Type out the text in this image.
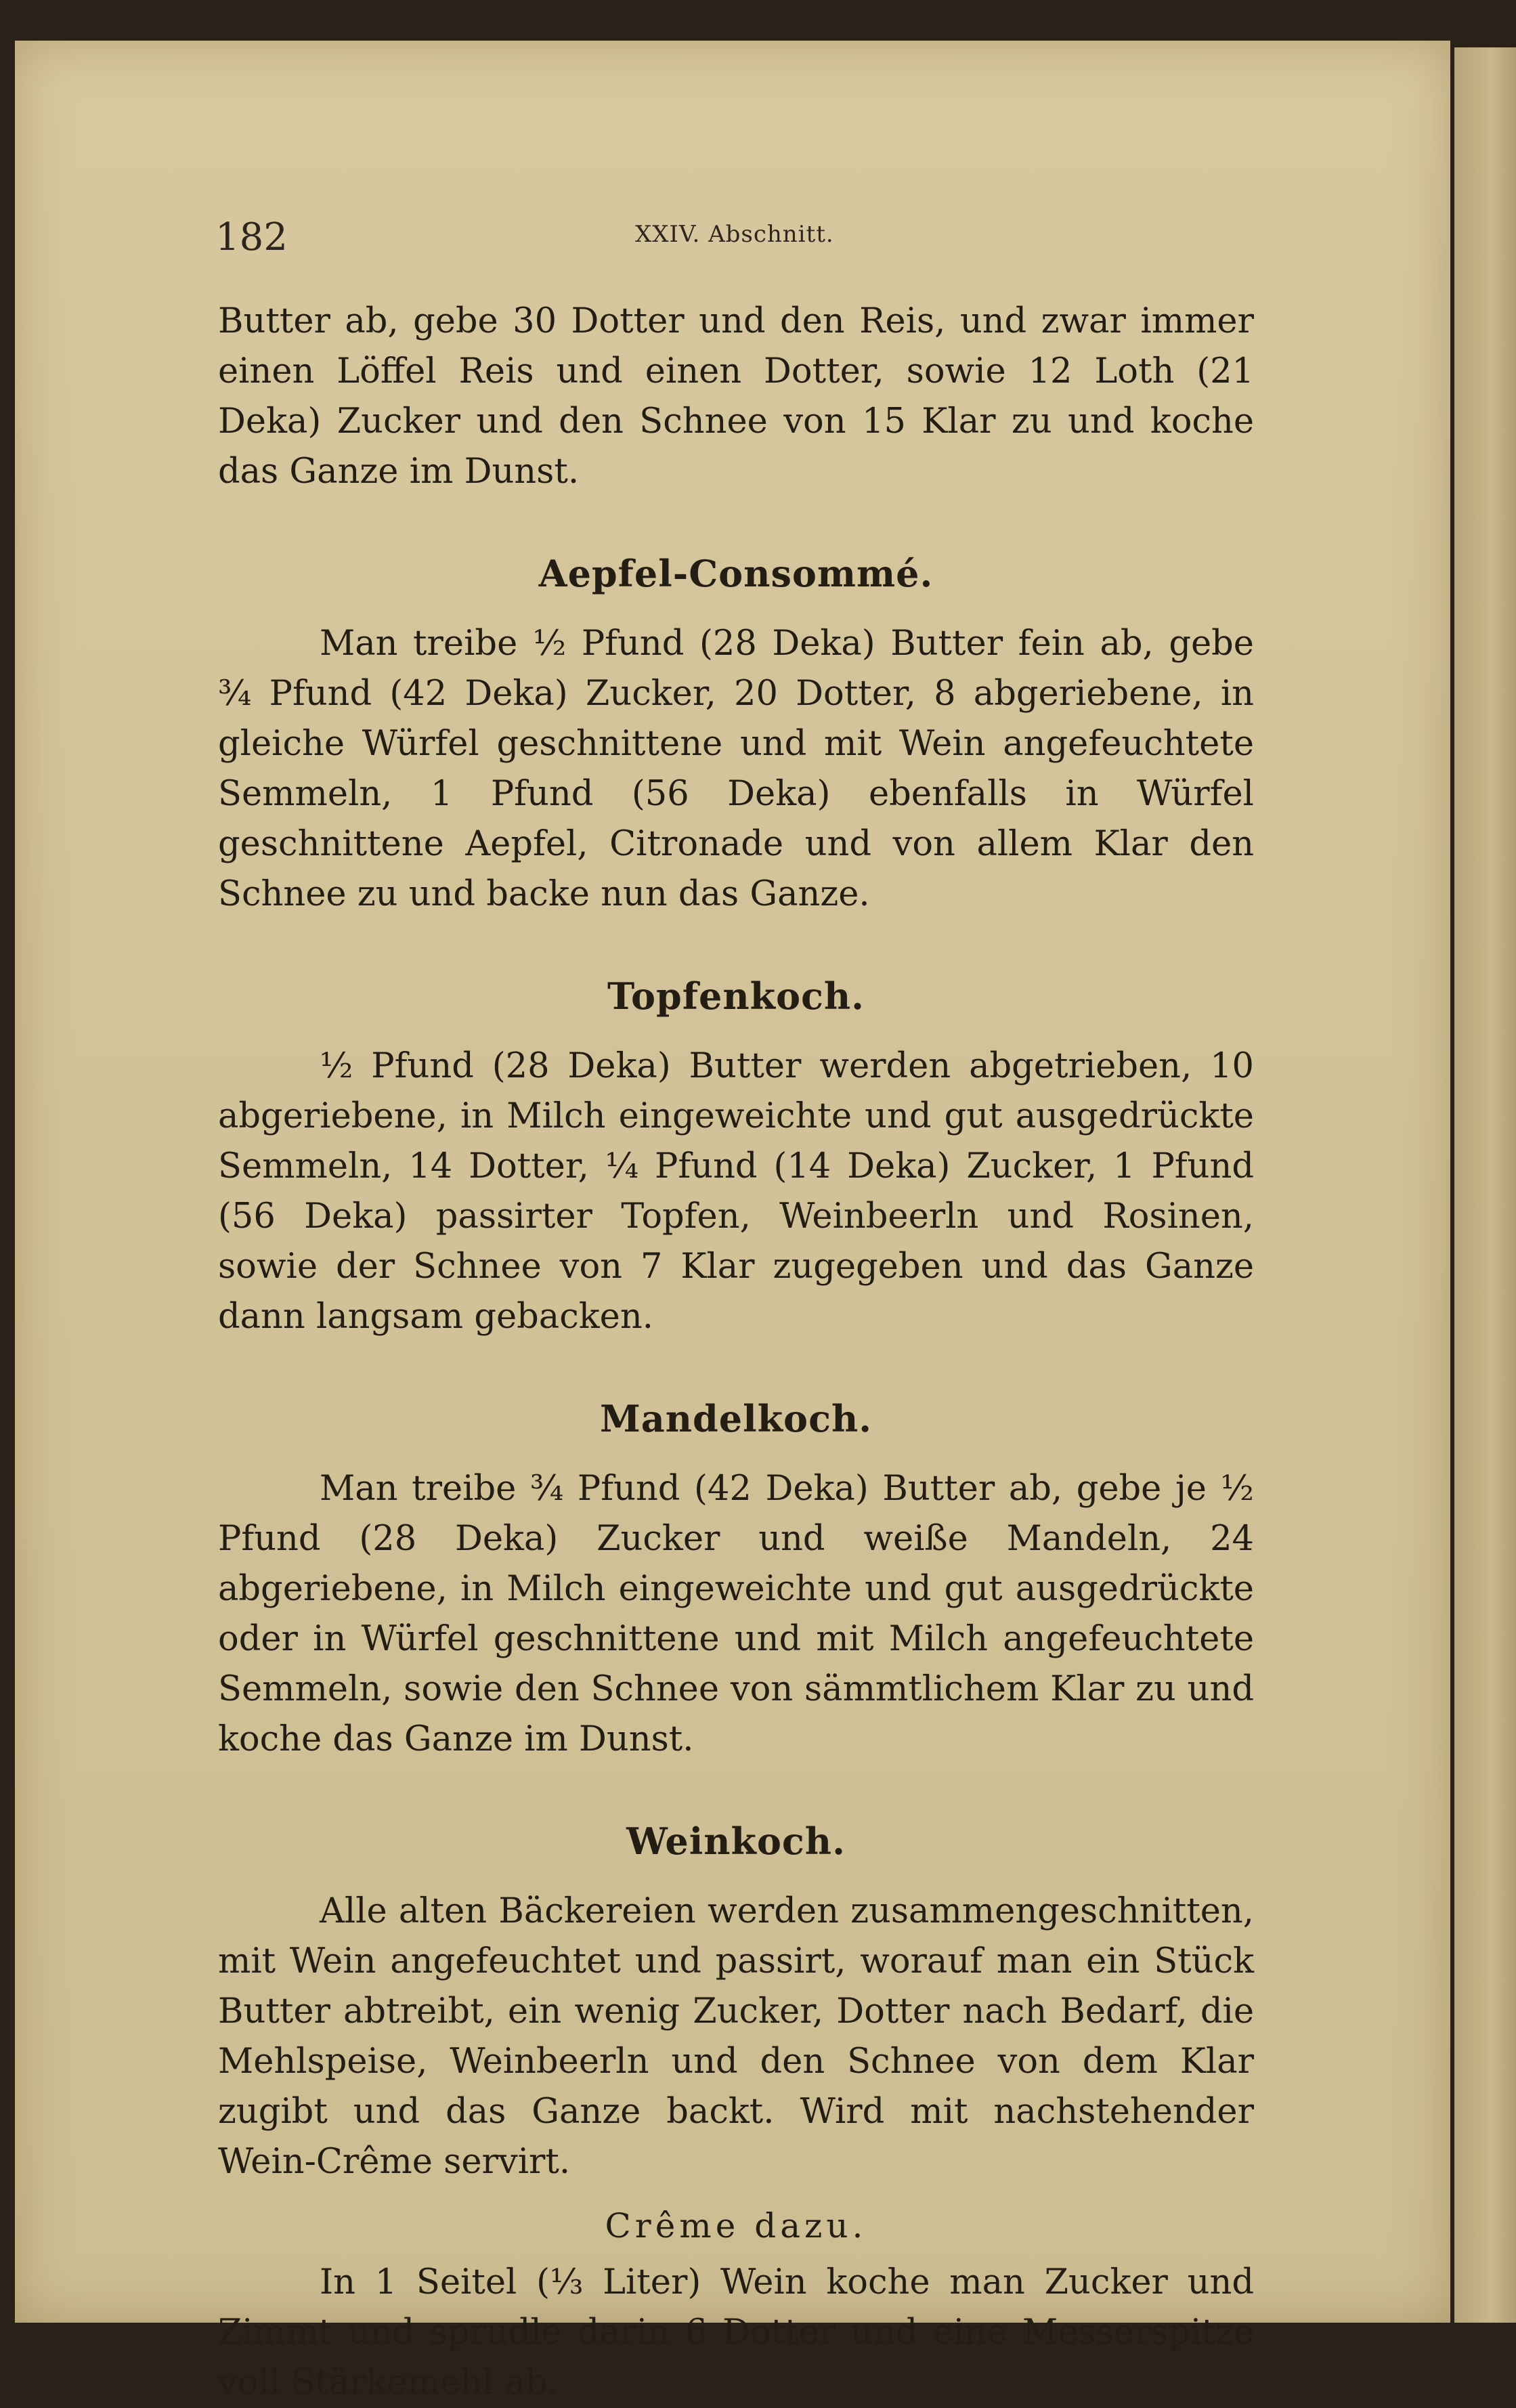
182	XXIV. Abschnitt.

Butter ab, gebe 30 Dotter und den Reis, und zwar immer einen Löffel Reis und einen Dotter, sowie 12 Loth (21 Deka) Zucker und den Schnee von 15 Klar zu und koche das Ganze im Dunst.

Aepfel-Consommé.

Man treibe ½ Pfund (28 Deka) Butter fein ab, gebe ¾ Pfund (42 Deka) Zucker, 20 Dotter, 8 abgeriebene, in gleiche Würfel geschnittene und mit Wein angefeuchtete Semmeln, 1 Pfund (56 Deka) ebenfalls in Würfel geschnittene Aepfel, Citronade und von allem Klar den Schnee zu und backe nun das Ganze.

Topfenkoch.

½ Pfund (28 Deka) Butter werden abgetrieben, 10 abgeriebene, in Milch eingeweichte und gut ausgedrückte Semmeln, 14 Dotter, ¼ Pfund (14 Deka) Zucker, 1 Pfund (56 Deka) passirter Topfen, Weinbeerln und Rosinen, sowie der Schnee von 7 Klar zugegeben und das Ganze dann langsam gebacken.

Mandelkoch.

Man treibe ¾ Pfund (42 Deka) Butter ab, gebe je ½ Pfund (28 Deka) Zucker und weiße Mandeln, 24 abgeriebene, in Milch eingeweichte und gut ausgedrückte oder in Würfel geschnittene und mit Milch angefeuchtete Semmeln, sowie den Schnee von sämmtlichem Klar zu und koche das Ganze im Dunst.

Weinkoch.

Alle alten Bäckereien werden zusammengeschnitten, mit Wein angefeuchtet und passirt, worauf man ein Stück Butter abtreibt, ein wenig Zucker, Dotter nach Bedarf, die Mehlspeise, Weinbeerln und den Schnee von dem Klar zugibt und das Ganze backt. Wird mit nachstehender Wein-Crême servirt.

Crême dazu.

In 1 Seitel (⅓ Liter) Wein koche man Zucker und Zimmt und sprudle darin 6 Dotter und eine Messerspitze voll Stärkemehl ab.
